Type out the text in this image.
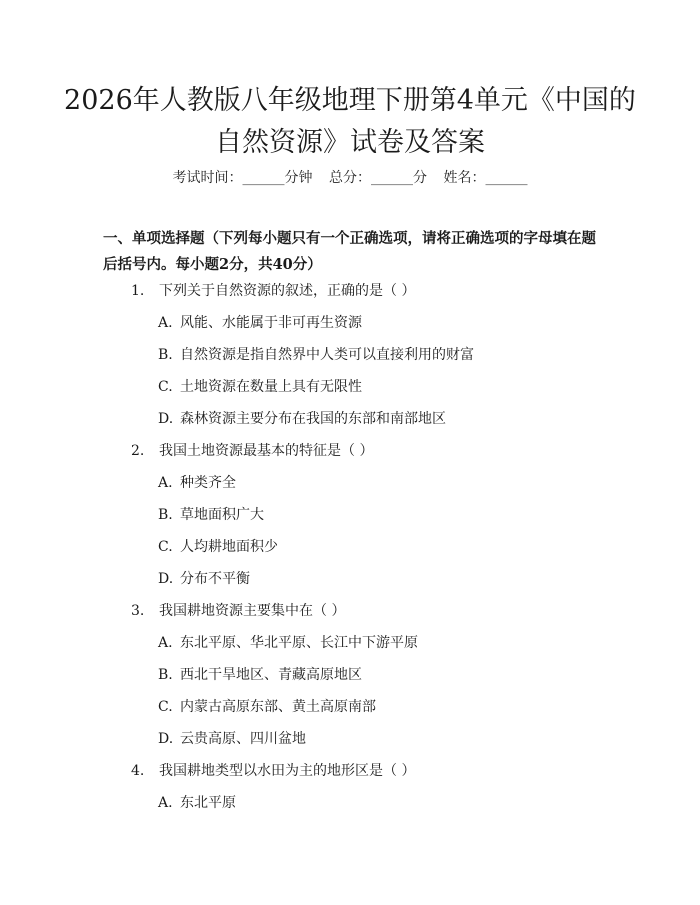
2026年人教版八年级地理下册第4单元《中国的自然资源》试卷及答案
考试时间：______分钟 总分：______分 姓名：______
一、单项选择题（下列每小题只有一个正确选项，请将正确选项的字母填在题后括号内。每小题2分，共40分）
1. 下列关于自然资源的叙述，正确的是（ ）
A. 风能、水能属于非可再生资源
B. 自然资源是指自然界中人类可以直接利用的财富
C. 土地资源在数量上具有无限性
D. 森林资源主要分布在我国的东部和南部地区
2. 我国土地资源最基本的特征是（ ）
A. 种类齐全
B. 草地面积广大
C. 人均耕地面积少
D. 分布不平衡
3. 我国耕地资源主要集中在（ ）
A. 东北平原、华北平原、长江中下游平原
B. 西北干旱地区、青藏高原地区
C. 内蒙古高原东部、黄土高原南部
D. 云贵高原、四川盆地
4. 我国耕地类型以水田为主的地形区是（ ）
A. 东北平原
